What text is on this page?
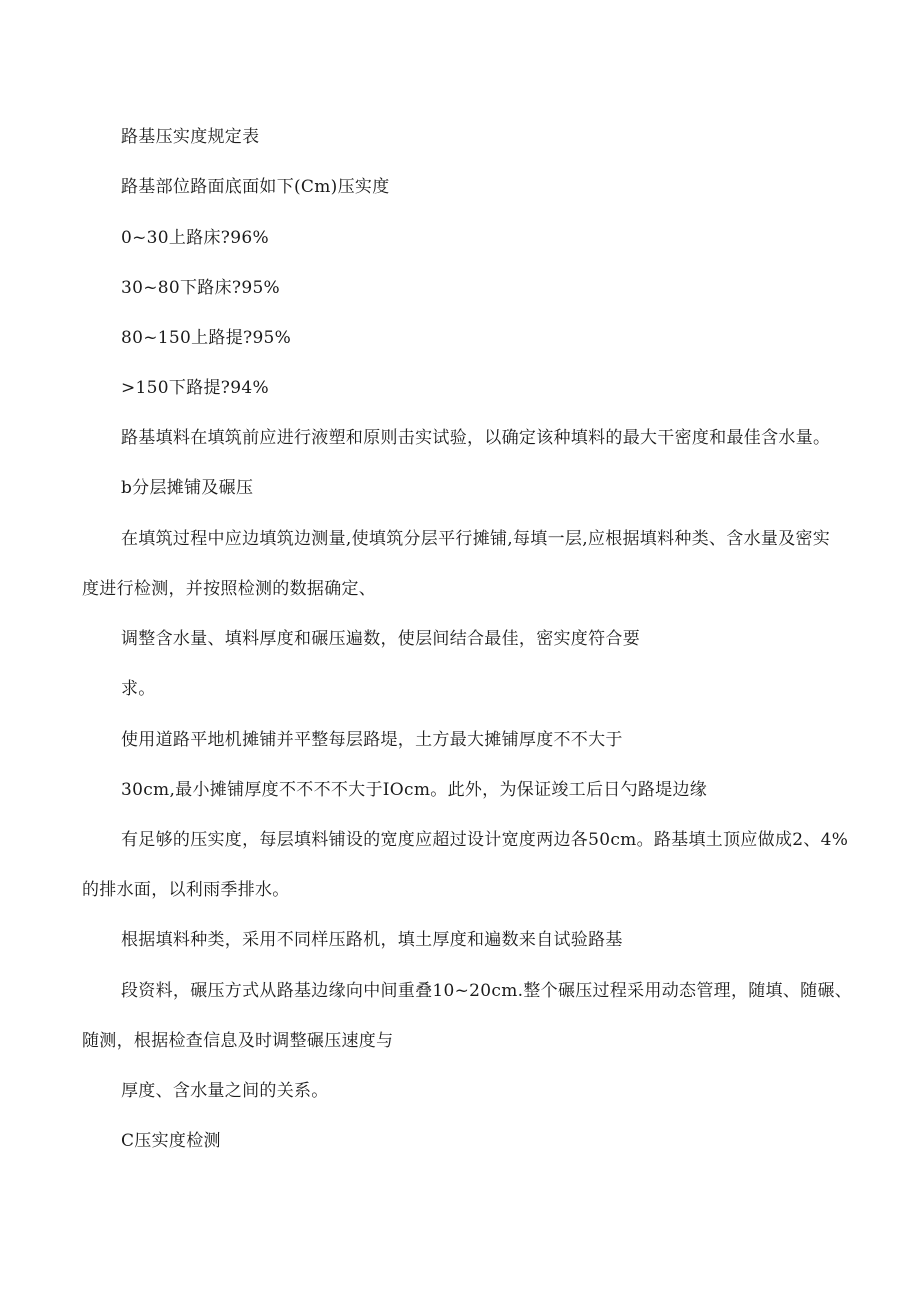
路基压实度规定表
路基部位路面底面如下(Cm)压实度
0~30上路床?96%
30~80下路床?95%
80~150上路提?95%
>150下路提?94%
路基填料在填筑前应进行液塑和原则击实试验，以确定该种填料的最大干密度和最佳含水量。
b分层摊铺及碾压
在填筑过程中应边填筑边测量,使填筑分层平行摊铺,每填一层,应根据填料种类、含水量及密实
度进行检测，并按照检测的数据确定、
调整含水量、填料厚度和碾压遍数，使层间结合最佳，密实度符合要
求。
使用道路平地机摊铺并平整每层路堤，土方最大摊铺厚度不不大于
30cm,最小摊铺厚度不不不不大于IOcm。此外，为保证竣工后日勺路堤边缘
有足够的压实度，每层填料铺设的宽度应超过设计宽度两边各50cm。路基填土顶应做成2、4%
的排水面，以利雨季排水。
根据填料种类，采用不同样压路机，填土厚度和遍数来自试验路基
段资料，碾压方式从路基边缘向中间重叠10~20cm.整个碾压过程采用动态管理，随填、随碾、
随测，根据检查信息及时调整碾压速度与
厚度、含水量之间的关系。
C压实度检测
